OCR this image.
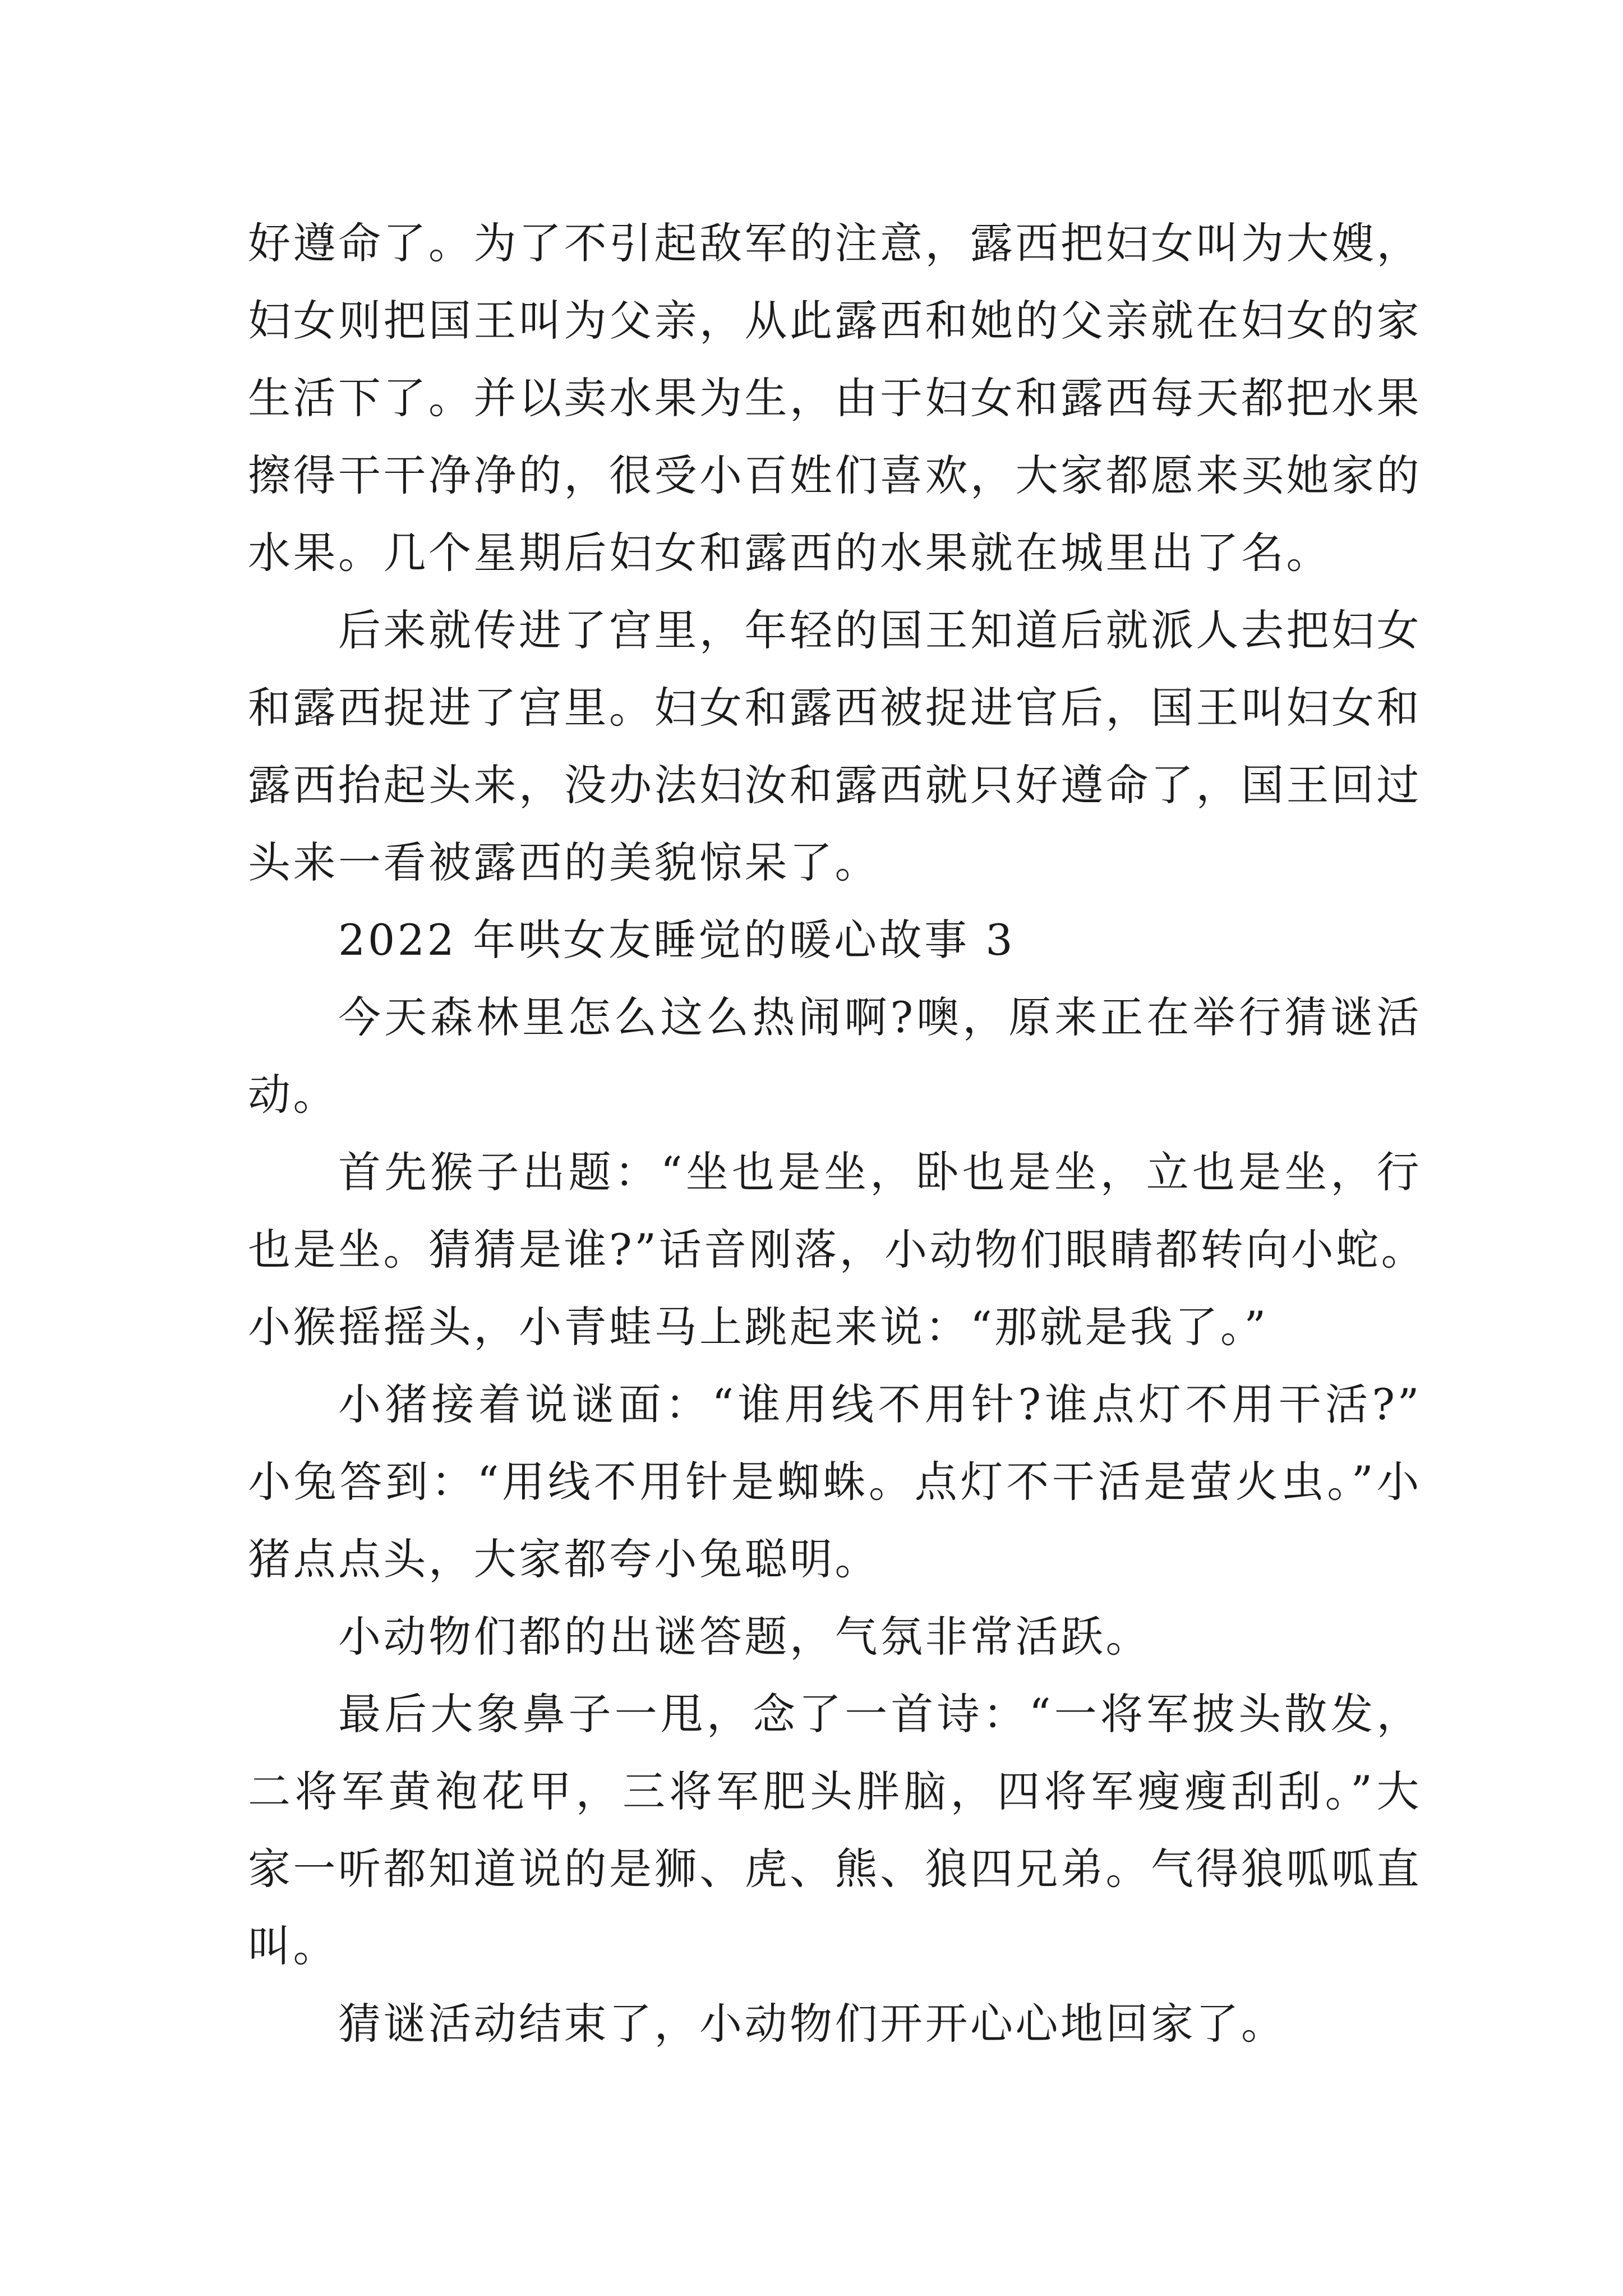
好遵命了。为了不引起敌军的注意，露西把妇女叫为大嫂，
妇女则把国王叫为父亲，从此露西和她的父亲就在妇女的家
生活下了。并以卖水果为生，由于妇女和露西每天都把水果
擦得干干净净的，很受小百姓们喜欢，大家都愿来买她家的
水果。几个星期后妇女和露西的水果就在城里出了名。
后来就传进了宫里，年轻的国王知道后就派人去把妇女
和露西捉进了宫里。妇女和露西被捉进官后，国王叫妇女和
露西抬起头来，没办法妇汝和露西就只好遵命了，国王回过
头来一看被露西的美貌惊呆了。
2022 年哄女友睡觉的暖心故事 3
今天森林里怎么这么热闹啊?噢，原来正在举行猜谜活
动。
首先猴子出题：“坐也是坐，卧也是坐，立也是坐，行
也是坐。猜猜是谁?”话音刚落，小动物们眼睛都转向小蛇。
小猴摇摇头，小青蛙马上跳起来说：“那就是我了。”
小猪接着说谜面：“谁用线不用针?谁点灯不用干活?”
小兔答到：“用线不用针是蜘蛛。点灯不干活是萤火虫。”小
猪点点头，大家都夸小兔聪明。
小动物们都的出谜答题，气氛非常活跃。
最后大象鼻子一甩，念了一首诗：“一将军披头散发，
二将军黄袍花甲，三将军肥头胖脑，四将军瘦瘦刮刮。”大
家一听都知道说的是狮、虎、熊、狼四兄弟。气得狼呱呱直
叫。
猜谜活动结束了，小动物们开开心心地回家了。
